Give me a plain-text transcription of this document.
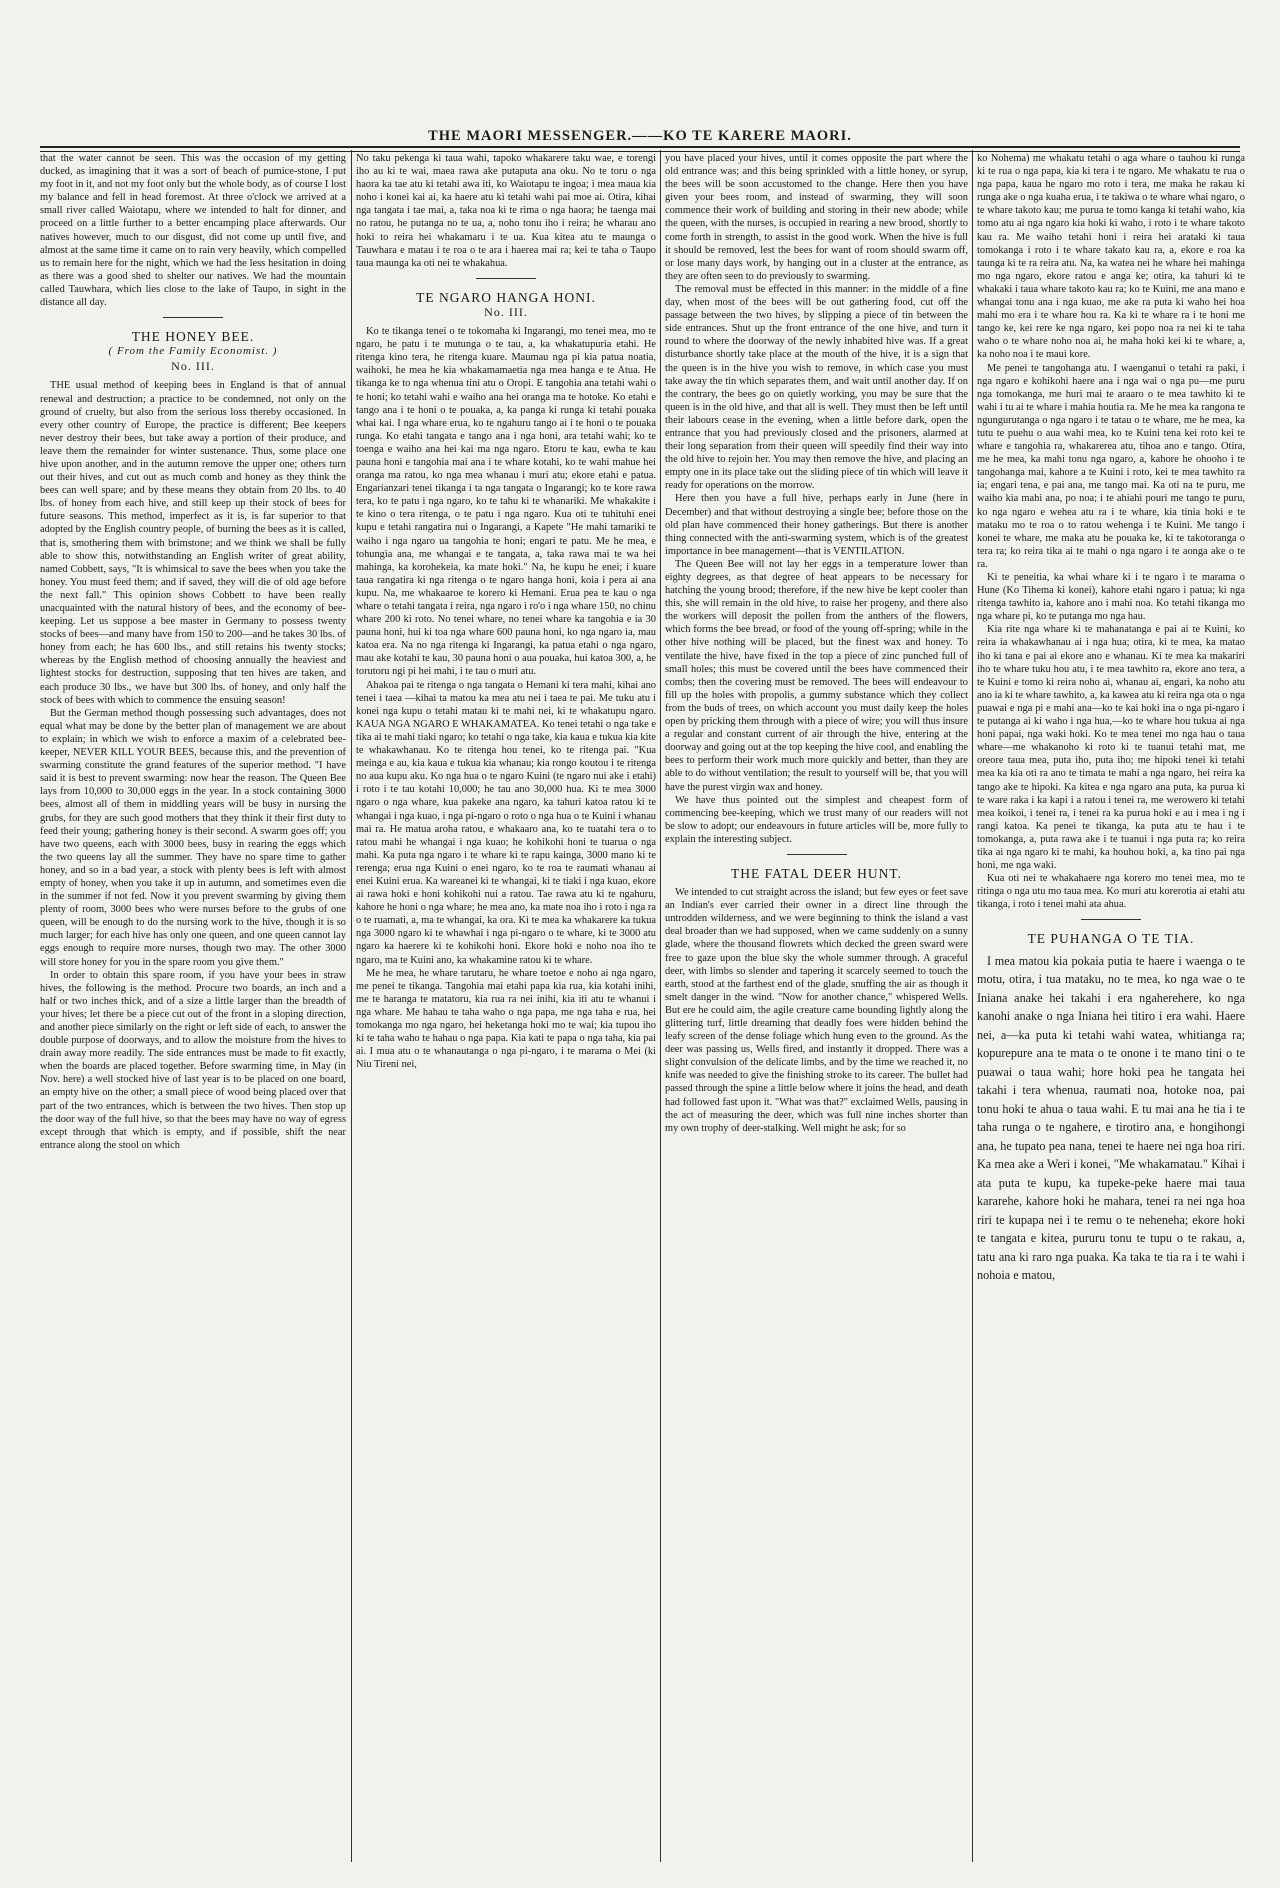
THE MAORI MESSENGER.——KO TE KARERE MAORI.

that the water cannot be seen. This was the occasion of my getting ducked, as imagining that it was a sort of beach of pumice-stone, I put my foot in it, and not my foot only but the whole body, as of course I lost my balance and fell in head foremost. At three o'clock we arrived at a small river called Waiotapu, where we intended to halt for dinner, and proceed on a little further to a better encamping place afterwards. Our natives however, much to our disgust, did not come up until five, and almost at the same time it came on to rain very heavily, which compelled us to remain here for the night, which we had the less hesitation in doing as there was a good shed to shelter our natives. We had the mountain called Tauwhara, which lies close to the lake of Taupo, in sight in the distance all day.

THE HONEY BEE.
( From the Family Economist. )
No. III.

THE usual method of keeping bees in England is that of annual renewal and destruction; a practice to be condemned, not only on the ground of cruelty, but also from the serious loss thereby occasioned. In every other country of Europe, the practice is different; Bee keepers never destroy their bees, but take away a portion of their produce, and leave them the remainder for winter sustenance. Thus, some place one hive upon another, and in the autumn remove the upper one; others turn out their hives, and cut out as much comb and honey as they think the bees can well spare; and by these means they obtain from 20 lbs. to 40 lbs. of honey from each hive, and still keep up their stock of bees for future seasons. This method, imperfect as it is, is far superior to that adopted by the English country people, of burning the bees as it is called, that is, smothering them with brimstone; and we think we shall be fully able to show this, notwithstanding an English writer of great ability, named Cobbett, says, "It is whimsical to save the bees when you take the honey. You must feed them; and if saved, they will die of old age before the next fall." This opinion shows Cobbett to have been really unacquainted with the natural history of bees, and the economy of bee-keeping. Let us suppose a bee master in Germany to possess twenty stocks of bees—and many have from 150 to 200—and he takes 30 lbs. of honey from each; he has 600 lbs., and still retains his twenty stocks; whereas by the English method of choosing annually the heaviest and lightest stocks for destruction, supposing that ten hives are taken, and each produce 30 lbs., we have but 300 lbs. of honey, and only half the stock of bees with which to commence the ensuing season!

But the German method though possessing such advantages, does not equal what may be done by the better plan of management we are about to explain; in which we wish to enforce a maxim of a celebrated bee-keeper, NEVER KILL YOUR BEES, because this, and the prevention of swarming constitute the grand features of the superior method. "I have said it is best to prevent swarming: now hear the reason. The Queen Bee lays from 10,000 to 30,000 eggs in the year. In a stock containing 3000 bees, almost all of them in middling years will be busy in nursing the grubs, for they are such good mothers that they think it their first duty to feed their young; gathering honey is their second. A swarm goes off; you have two queens, each with 3000 bees, busy in rearing the eggs which the two queens lay all the summer. They have no spare time to gather honey, and so in a bad year, a stock with plenty bees is left with almost empty of honey, when you take it up in autumn, and sometimes even die in the summer if not fed. Now it you prevent swarming by giving them plenty of room, 3000 bees who were nurses before to the grubs of one queen, will be enough to do the nursing work to the hive, though it is so much larger; for each hive has only one queen, and one queen cannot lay eggs enough to require more nurses, though two may. The other 3000 will store honey for you in the spare room you give them."

In order to obtain this spare room, if you have your bees in straw hives, the following is the method. Procure two boards, an inch and a half or two inches thick, and of a size a little larger than the breadth of your hives; let there be a piece cut out of the front in a sloping direction, and another piece similarly on the right or left side of each, to answer the double purpose of doorways, and to allow the moisture from the hives to drain away more readily. The side entrances must be made to fit exactly, when the boards are placed together. Before swarming time, in May (in Nov. here) a well stocked hive of last year is to be placed on one board, an empty hive on the other; a small piece of wood being placed over that part of the two entrances, which is between the two hives. Then stop up the door way of the full hive, so that the bees may have no way of egress except through that which is empty, and if possible, shift the near entrance along the stool on which

No taku pekenga ki taua wahi, tapoko whakarere taku wae, e torengi iho au ki te wai, maea rawa ake putaputa ana oku. No te toru o nga haora ka tae atu ki tetahi awa iti, ko Waiotapu te ingoa; i mea maua kia noho i konei kai ai, ka haere atu ki tetahi wahi pai moe ai. Otira, kihai nga tangata i tae mai, a, taka noa ki te rima o nga haora; he taenga mai no ratou, he putanga no te ua, a, noho tonu iho i reira; he wharau ano hoki to reira hei whakamaru i te ua. Kua kitea atu te maunga o Tauwhara e matau i te roa o te ara i haerea mai ra; kei te taha o Taupo taua maunga ka oti nei te whakahua.

TE NGARO HANGA HONI.
No. III.

Ko te tikanga tenei o te tokomaha ki Ingarangi, mo tenei mea, mo te ngaro, he patu i te mutunga o te tau, a, ka whakatupuria etahi. He ritenga kino tera, he ritenga kuare. Maumau nga pi kia patua noatia, waihoki, he mea he kia whakamamaetia nga mea hanga e te Atua. He tikanga ke to nga whenua tini atu o Oropi. E tangohia ana tetahi wahi o te honi; ko tetahi wahi e waiho ana hei oranga ma te hotoke. Ko etahi e tango ana i te honi o te pouaka, a, ka panga ki runga ki tetahi pouaka whai kai. I nga whare erua, ko te ngahuru tango ai i te honi o te pouaka runga. Ko etahi tangata e tango ana i nga honi, ara tetahi wahi; ko te toenga e waiho ana hei kai ma nga ngaro. Etoru te kau, ewha te kau pauna honi e tangohia mai ana i te whare kotahi, ko te wahi mahue hei oranga ma ratou, ko nga mea whanau i muri atu; ekore etahi e patua. Engarianzari tenei tikanga i ta nga tangata o Ingarangi; ko te kore rawa tera, ko te patu i nga ngaro, ko te tahu ki te whanariki. Me whakakite i te kino o tera ritenga, o te patu i nga ngaro. Kua oti te tuhituhi enei kupu e tetahi rangatira nui o Ingarangi, a Kapete "He mahi tamariki te waiho i nga ngaro ua tangohia te honi; engari te patu. Me he mea, e tohungia ana, me whangai e te tangata, a, taka rawa mai te wa hei mahinga, ka korohekeia, ka mate hoki." Na, he kupu he enei; i kuare taua rangatira ki nga ritenga o te ngaro hanga honi, koia i pera ai ana kupu. Na, me whakaaroe te korero ki Hemani. Erua pea te kau o nga whare o tetahi tangata i reira, nga ngaro i ro'o i nga whare 150, no chinu whare 200 ki roto. No tenei whare, no tenei whare ka tangohia e ia 30 pauna honi, hui ki toa nga whare 600 pauna honi, ko nga ngaro ia, mau katoa era. Na no nga ritenga ki Ingarangi, ka patua etahi o nga ngaro, mau ake kotahi te kau, 30 pauna honi o aua pouaka, hui katoa 300, a, he torutoru ngi pi hei mahi, i te tau o muri atu.

Ahakoa pai te ritenga o nga tangata o Hemani ki tera mahi, kihai ano tenei i taea —kihai ta matou ka mea atu nei i taea te pai. Me tuku atu i konei nga kupu o tetahi matau ki te mahi nei, ki te whakatupu ngaro. KAUA NGA NGARO E WHAKAMATEA. Ko tenei tetahi o nga take e tika ai te mahi tiaki ngaro; ko tetahi o nga take, kia kaua e tukua kia kite te whakawhanau. Ko te ritenga hou tenei, ko te ritenga pai. "Kua meinga e au, kia kaua e tukua kia whanau; kia rongo koutou i te ritenga no aua kupu aku. Ko nga hua o te ngaro Kuini (te ngaro nui ake i etahi) i roto i te tau kotahi 10,000; he tau ano 30,000 hua. Ki te mea 3000 ngaro o nga whare, kua pakeke ana ngaro, ka tahuri katoa ratou ki te whangai i nga kuao, i nga pi-ngaro o roto o nga hua o te Kuini i whanau mai ra. He matua aroha ratou, e whakaaro ana, ko te tuatahi tera o to ratou mahi he whangai i nga kuao; he kohikohi honi te tuarua o nga mahi. Ka puta nga ngaro i te whare ki te rapu kainga, 3000 mano ki te rerenga; erua nga Kuini o enei ngaro, ko te roa te raumati whanau ai enei Kuini erua. Ka wareanei ki te whangai, ki te tiaki i nga kuao, ekore ai rawa hoki e honi kohikohi nui a ratou. Tae rawa atu ki te ngahuru, kahore he honi o nga whare; he mea ano, ka mate noa iho i roto i nga ra o te ruamati, a, ma te whangai, ka ora. Ki te mea ka whakarere ka tukua nga 3000 ngaro ki te whawhai i nga pi-ngaro o te whare, ki te 3000 atu ngaro ka haerere ki te kohikohi honi. Ekore hoki e noho noa iho te ngaro, ma te Kuini ano, ka whakamine ratou ki te whare.

Me he mea, he whare tarutaru, he whare toetoe e noho ai nga ngaro, me penei te tikanga. Tangohia mai etahi papa kia rua, kia kotahi inihi, me te haranga te matatoru, kia rua ra nei inihi, kia iti atu te whanui i nga whare. Me hahau te taha waho o nga papa, me nga taha e rua, hei tomokanga mo nga ngaro, hei heketanga hoki mo te wai; kia tupou iho ki te taha waho te hahau o nga papa. Kia kati te papa o nga taha, kia pai ai. I mua atu o te whanautanga o nga pi-ngaro, i te marama o Mei (ki Niu Tireni nei,

you have placed your hives, until it comes opposite the part where the old entrance was; and this being sprinkled with a little honey, or syrup, the bees will be soon accustomed to the change. Here then you have given your bees room, and instead of swarming, they will soon commence their work of building and storing in their new abode; while the queen, with the nurses, is occupied in rearing a new brood, shortly to come forth in strength, to assist in the good work. When the hive is full it should be removed, lest the bees for want of room should swarm off, or lose many days work, by hanging out in a cluster at the entrance, as they are often seen to do previously to swarming.

The removal must be effected in this manner: in the middle of a fine day, when most of the bees will be out gathering food, cut off the passage between the two hives, by slipping a piece of tin between the side entrances. Shut up the front entrance of the one hive, and turn it round to where the doorway of the newly inhabited hive was. If a great disturbance shortly take place at the mouth of the hive, it is a sign that the queen is in the hive you wish to remove, in which case you must take away the tin which separates them, and wait until another day. If on the contrary, the bees go on quietly working, you may be sure that the queen is in the old hive, and that all is well. They must then be left until their labours cease in the evening, when a little before dark, open the entrance that you had previously closed and the prisoners, alarmed at their long separation from their queen will speedily find their way into the old hive to rejoin her. You may then remove the hive, and placing an empty one in its place take out the sliding piece of tin which will leave it ready for operations on the morrow.

Here then you have a full hive, perhaps early in June (here in December) and that without destroying a single bee; before those on the old plan have commenced their honey gatherings. But there is another thing connected with the anti-swarming system, which is of the greatest importance in bee management—that is VENTILATION.

The Queen Bee will not lay her eggs in a temperature lower than eighty degrees, as that degree of heat appears to be necessary for hatching the young brood; therefore, if the new hive be kept cooler than this, she will remain in the old hive, to raise her progeny, and there also the workers will deposit the pollen from the anthers of the flowers, which forms the bee bread, or food of the young off-spring; while in the other hive nothing will be placed, but the finest wax and honey. To ventilate the hive, have fixed in the top a piece of zinc punched full of small holes; this must be covered until the bees have commenced their combs; then the covering must be removed. The bees will endeavour to fill up the holes with propolis, a gummy substance which they collect from the buds of trees, on which account you must daily keep the holes open by pricking them through with a piece of wire; you will thus insure a regular and constant current of air through the hive, entering at the doorway and going out at the top keeping the hive cool, and enabling the bees to perform their work much more quickly and better, than they are able to do without ventilation; the result to yourself will be, that you will have the purest virgin wax and honey.

We have thus pointed out the simplest and cheapest form of commencing bee-keeping, which we trust many of our readers will not be slow to adopt; our endeavours in future articles will be, more fully to explain the interesting subject.

THE FATAL DEER HUNT.

We intended to cut straight across the island; but few eyes or feet save an Indian's ever carried their owner in a direct line through the untrodden wilderness, and we were beginning to think the island a vast deal broader than we had supposed, when we came suddenly on a sunny glade, where the thousand flowrets which decked the green sward were free to gaze upon the blue sky the whole summer through. A graceful deer, with limbs so slender and tapering it scarcely seemed to touch the earth, stood at the farthest end of the glade, snuffing the air as though it smelt danger in the wind. "Now for another chance," whispered Wells. But ere he could aim, the agile creature came bounding lightly along the glittering turf, little dreaming that deadly foes were hidden behind the leafy screen of the dense foliage which hung even to the ground. As the deer was passing us, Wells fired, and instantly it dropped. There was a slight convulsion of the delicate limbs, and by the time we reached it, no knife was needed to give the finishing stroke to its career. The bullet had passed through the spine a little below where it joins the head, and death had followed fast upon it. "What was that?" exclaimed Wells, pausing in the act of measuring the deer, which was full nine inches shorter than my own trophy of deer-stalking. Well might he ask; for so

ko Nohema) me whakatu tetahi o aga whare o tauhou ki runga ki te rua o nga papa, kia ki tera i te ngaro. Me whakatu te rua o nga papa, kaua he ngaro mo roto i tera, me maka he rakau ki runga ake o nga kuaha erua, i te takiwa o te whare whai ngaro, o te whare takoto kau; me purua te tomo kanga ki tetahi waho, kia tomo atu ai nga ngaro kia hoki ki waho, i roto i te whare takoto kau ra. Me waiho tetahi honi i reira hei arataki ki taua tomokanga i roto i te whare takato kau ra, a, ekore e roa ka taunga ki te ra reira atu. Na, ka watea nei he whare hei mahinga mo nga ngaro, ekore ratou e anga ke; otira, ka tahuri ki te whakaki i taua whare takoto kau ra; ko te Kuini, me ana mano e whangai tonu ana i nga kuao, me ake ra puta ki waho hei hoa mahi mo era i te whare hou ra. Ka ki te whare ra i te honi me tango ke, kei rere ke nga ngaro, kei popo noa ra nei ki te taha waho o te whare noho noa ai, he maha hoki kei ki te whare, a, ka noho noa i te maui kore.

Me penei te tangohanga atu. I waenganui o tetahi ra paki, i nga ngaro e kohikohi haere ana i nga wai o nga pu—me puru nga tomokanga, me huri mai te araaro o te mea tawhito ki te wahi i tu ai te whare i mahia houtia ra. Me he mea ka rangona te ngungurutanga o nga ngaro i te tatau o te whare, me he mea, ka tutu te puehu o aua wahi mea, ko te Kuini tena kei roto kei te whare e tangohia ra, whakarerea atu, tihoa ano e tango. Otira, me he mea, ka mahi tonu nga ngaro, a, kahore he ohooho i te tangohanga mai, kahore a te Kuini i roto, kei te mea tawhito ra ia; engari tena, e pai ana, me tango mai. Ka oti na te puru, me waiho kia mahi ana, po noa; i te ahiahi pouri me tango te puru, ko nga ngaro e wehea atu ra i te whare, kia tinia hoki e te mataku mo te roa o to ratou wehenga i te Kuini. Me tango i konei te whare, me maka atu he pouaka ke, ki te takotoranga o tera ra; ko reira tika ai te mahi o nga ngaro i te aonga ake o te ra.

Ki te peneitia, ka whai whare ki i te ngaro i te marama o Hune (Ko Tihema ki konei), kahore etahi ngaro i patua; ki nga ritenga tawhito ia, kahore ano i mahi noa. Ko tetahi tikanga mo nga whare pi, ko te putanga mo nga hau.

Kia rite nga whare ki te mahanatanga e pai ai te Kuini, ko reira ia whakawhanau ai i nga hua; otira, ki te mea, ka matao iho ki tana e pai ai ekore ano e whanau. Ki te mea ka makariri iho te whare tuku hou atu, i te mea tawhito ra, ekore ano tera, a te Kuini e tomo ki reira noho ai, whanau ai, engari, ka noho atu ano ia ki te whare tawhito, a, ka kawea atu ki reira nga ota o nga puawai e nga pi e mahi ana—ko te kai hoki ina o nga pi-ngaro i te putanga ai ki waho i nga hua,—ko te whare hou tukua ai nga honi papai, nga waki hoki. Ko te mea tenei mo nga hau o taua whare—me whakanoho ki roto ki te tuanui tetahi mat, me oreore taua mea, puta iho, puta iho; me hipoki tenei ki tetahi mea ka kia oti ra ano te timata te mahi a nga ngaro, hei reira ka tango ake te hipoki. Ka kitea e nga ngaro ana puta, ka purua ki te ware raka i ka kapi i a ratou i tenei ra, me werowero ki tetahi mea koikoi, i tenei ra, i tenei ra ka purua hoki e au i mea i ng i rangi katoa. Ka penei te tikanga, ka puta atu te hau i te tomokanga, a, puta rawa ake i te tuanui i nga puta ra; ko reira tika ai nga ngaro ki te mahi, ka houhou hoki, a, ka tino pai nga honi, me nga waki.

Kua oti nei te whakahaere nga korero mo tenei mea, mo te ritinga o nga utu mo taua mea. Ko muri atu korerotia ai etahi atu tikanga, i roto i tenei mahi ata ahua.

TE PUHANGA O TE TIA.

I mea matou kia pokaia putia te haere i waenga o te motu, otira, i tua mataku, no te mea, ko nga wae o te Iniana anake hei takahi i era ngaherehere, ko nga kanohi anake o nga Iniana hei titiro i era wahi. Haere nei, a—ka puta ki tetahi wahi watea, whitianga ra; kopurepure ana te mata o te onone i te mano tini o te puawai o taua wahi; hore hoki pea he tangata hei takahi i tera whenua, raumati noa, hotoke noa, pai tonu hoki te ahua o taua wahi. E tu mai ana he tia i te taha runga o te ngahere, e tirotiro ana, e hongihongi ana, he tupato pea nana, tenei te haere nei nga hoa riri. Ka mea ake a Weri i konei, "Me whakamatau." Kihai i ata puta te kupu, ka tupeke-peke haere mai taua kararehe, kahore hoki he mahara, tenei ra nei nga hoa riri te kupapa nei i te remu o te neheneha; ekore hoki te tangata e kitea, pururu tonu te tupu o te rakau, a, tatu ana ki raro nga puaka. Ka taka te tia ra i te wahi i nohoia e matou,
